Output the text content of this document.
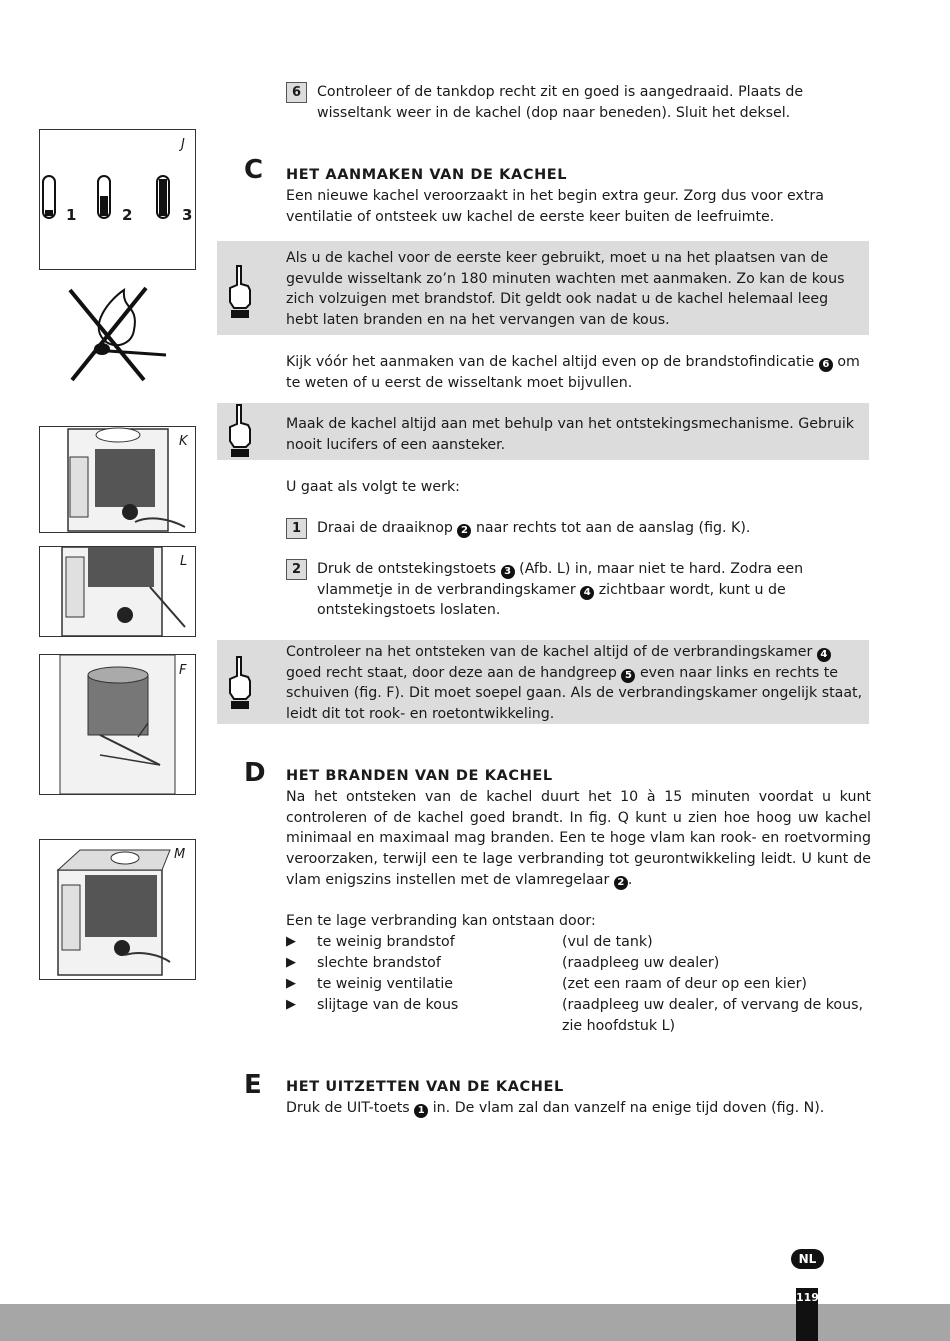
6	Controleer of de tankdop recht zit en goed is aangedraaid. Plaats de wisseltank weer in de kachel (dop naar beneden). Sluit het deksel.

J
1	2	3
C HET AANMAKEN VAN DE KACHEL

Een nieuwe kachel veroorzaakt in het begin extra geur. Zorg dus voor extra ventilatie of ontsteek uw kachel de eerste keer buiten de leefruimte.

Als u de kachel voor de eerste keer gebruikt, moet u na het plaatsen van de gevulde wisseltank zo’n 180 minuten wachten met aanmaken. Zo kan de kous zich volzuigen met brandstof. Dit geldt ook nadat u de kachel helemaal leeg hebt laten branden en na het vervangen van de kous.

Kijk vóór het aanmaken van de kachel altijd even op de brandstofindicatie 6 om te weten of u eerst de wisseltank moet bijvullen.

Maak de kachel altijd aan met behulp van het ontstekingsmechanisme. Gebruik nooit lucifers of een aansteker.

U gaat als volgt te werk:

K
1	Draai de draaiknop 2 naar rechts tot aan de aanslag (fig. K).

L
2	Druk de ontstekingstoets 3 (Afb. L) in, maar niet te hard. Zodra een vlammetje in de verbrandingskamer 4 zichtbaar wordt, kunt u de ontstekingstoets loslaten.

Controleer na het ontsteken van de kachel altijd of de verbrandingskamer 4 goed recht staat, door deze aan de handgreep 5 even naar links en rechts te schuiven (fig. F). Dit moet soepel gaan. Als de verbrandingskamer ongelijk staat, leidt dit tot rook- en roetontwikkeling.

F
M
D HET BRANDEN VAN DE KACHEL

Na het ontsteken van de kachel duurt het 10 à 15 minuten voordat u kunt controleren of de kachel goed brandt. In fig. Q kunt u zien hoe hoog uw kachel minimaal en maximaal mag branden. Een te hoge vlam kan rook- en roetvorming veroorzaken, terwijl een te lage verbranding tot geurontwikkeling leidt. U kunt de vlam enigszins instellen met de vlamregelaar 2 .

Een te lage verbranding kan ontstaan door:

▶ te weinig brandstof	(vul de tank)
▶ slechte brandstof	(raadpleeg uw dealer)
▶ te weinig ventilatie	(zet een raam of deur op een kier)
▶ slijtage van de kous	(raadpleeg uw dealer, of vervang de kous, zie hoofdstuk L)
E HET UITZETTEN VAN DE KACHEL

Druk de UIT-toets 1 in. De vlam zal dan vanzelf na enige tijd doven (fig. N).

NL
119
